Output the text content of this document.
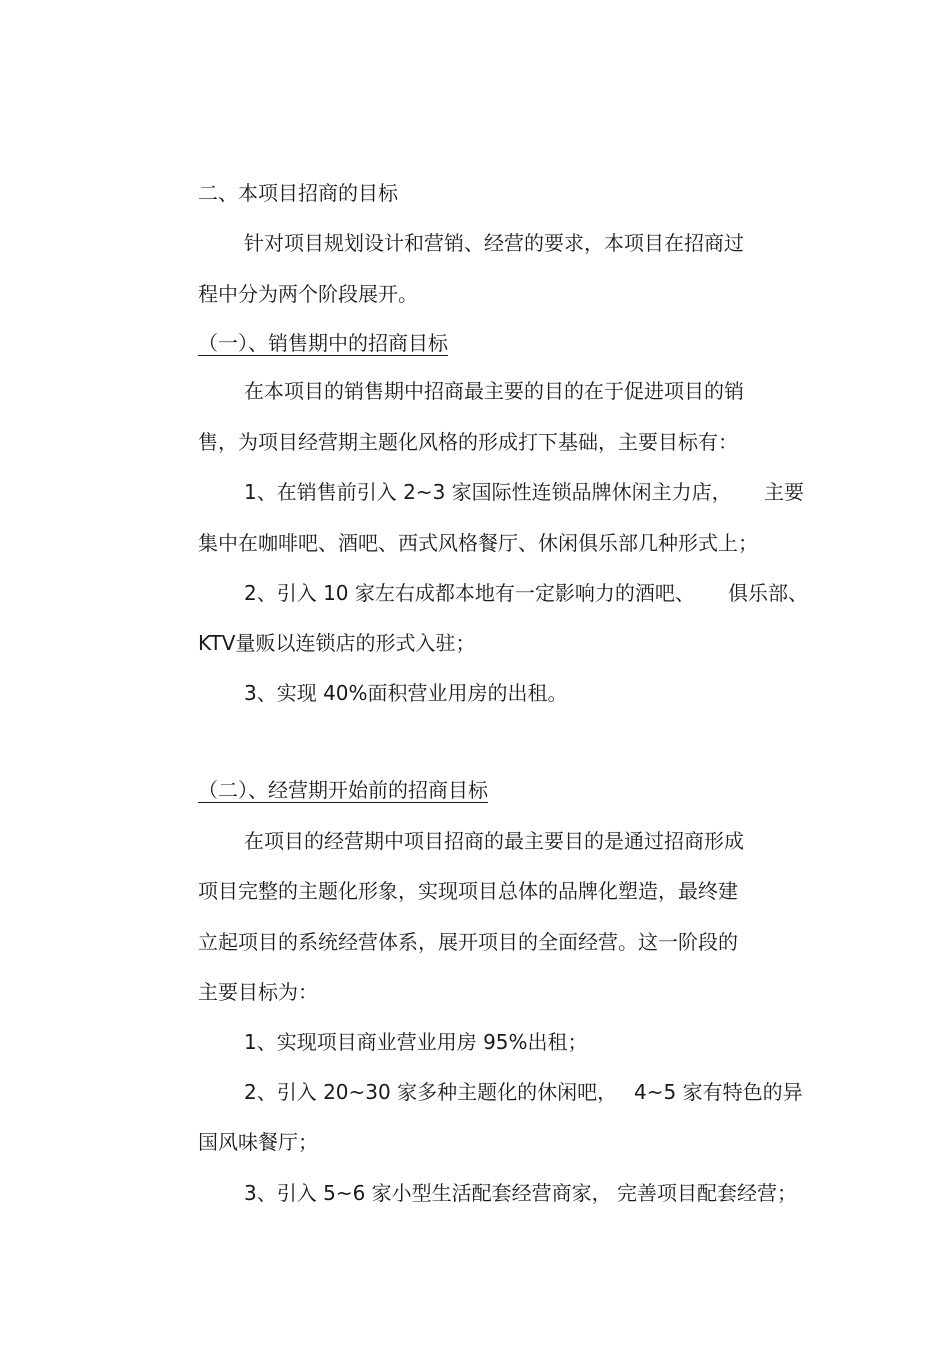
二、本项目招商的目标

针对项目规划设计和营销、经营的要求，本项目在招商过

程中分为两个阶段展开。

（一）、销售期中的招商目标

在本项目的销售期中招商最主要的目的在于促进项目的销

售，为项目经营期主题化风格的形成打下基础，主要目标有：

1、在销售前引入 2~3 家国际性连锁品牌休闲主力店， 主要

集中在咖啡吧、酒吧、西式风格餐厅、休闲俱乐部几种形式上；

2、引入 10 家左右成都本地有一定影响力的酒吧、 俱乐部、

KTV量贩以连锁店的形式入驻；

3、实现 40%面积营业用房的出租。

（二）、经营期开始前的招商目标

在项目的经营期中项目招商的最主要目的是通过招商形成

项目完整的主题化形象，实现项目总体的品牌化塑造，最终建

立起项目的系统经营体系，展开项目的全面经营。这一阶段的

主要目标为：

1、实现项目商业营业用房 95%出租；

2、引入 20~30 家多种主题化的休闲吧， 4~5 家有特色的异

国风味餐厅；

3、引入 5~6 家小型生活配套经营商家， 完善项目配套经营；
